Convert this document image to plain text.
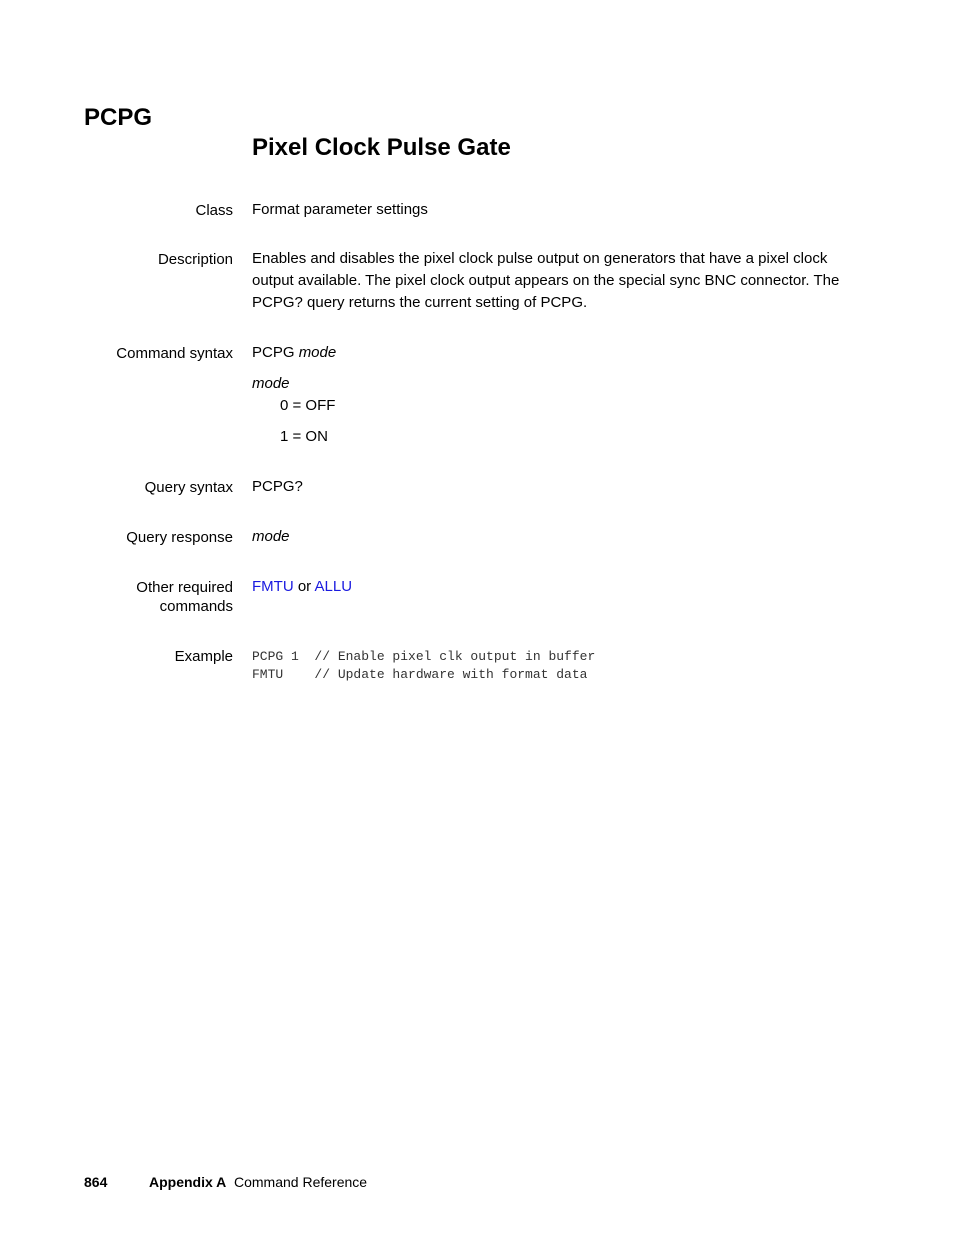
PCPG
Pixel Clock Pulse Gate
Class Format parameter settings
Description Enables and disables the pixel clock pulse output on generators that have a pixel clock output available. The pixel clock output appears on the special sync BNC connector. The PCPG? query returns the current setting of PCPG.
Command syntax PCPG mode
mode
0 = OFF
1 = ON
Query syntax PCPG?
Query response mode
Other required
commands
FMTU or ALLU
Example PCPG 1  // Enable pixel clk output in buffer
FMTU    // Update hardware with format data
864	Appendix A Command Reference
